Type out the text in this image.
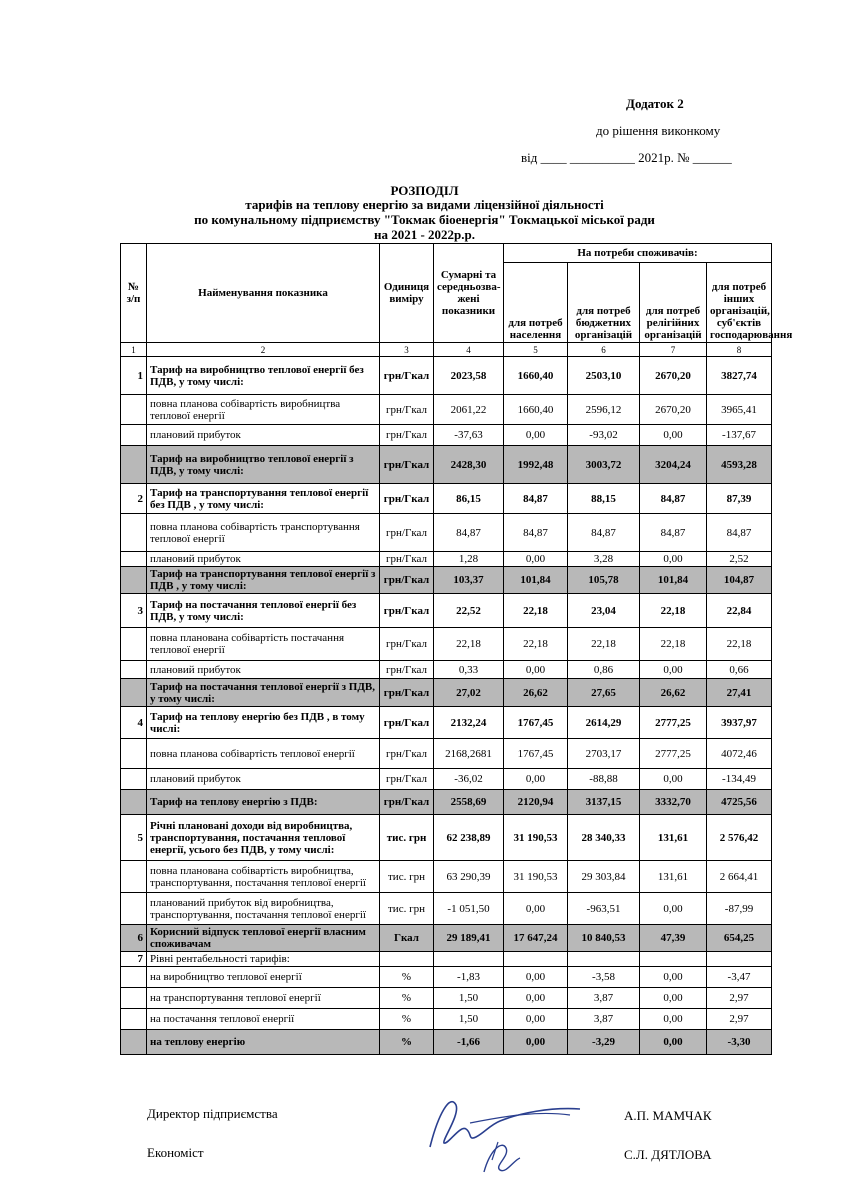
Додаток 2
до рішення виконкому
від ____ __________ 2021р. № ______
РОЗПОДІЛ
тарифів на теплову енергію за видами ліцензійної діяльності
по комунальному підприємству "Токмак біоенергія" Токмацької міської ради
на 2021 - 2022р.р.
№ з/п	Найменування показника	Одиниця виміру	Сумарні та середньозва-жені показники	На потреби споживачів:			
				для потреб населення	для потреб бюджетних організацій	для потреб релігійних організацій	для потреб інших організацій, суб'єктів господарювання
1	2	3	4	5	6	7	8
1	Тариф на виробництво теплової енергії без ПДВ, у тому числі:	грн/Гкал	2023,58	1660,40	2503,10	2670,20	3827,74
	повна планова собівартість виробництва теплової енергії	грн/Гкал	2061,22	1660,40	2596,12	2670,20	3965,41
	плановий прибуток	грн/Гкал	-37,63	0,00	-93,02	0,00	-137,67
	Тариф на виробництво теплової енергії з ПДВ, у тому числі:	грн/Гкал	2428,30	1992,48	3003,72	3204,24	4593,28
2	Тариф на транспортування теплової енергії без ПДВ , у тому числі:	грн/Гкал	86,15	84,87	88,15	84,87	87,39
	повна планова собівартість транспортування теплової енергії	грн/Гкал	84,87	84,87	84,87	84,87	84,87
	плановий прибуток	грн/Гкал	1,28	0,00	3,28	0,00	2,52
	Тариф на транспортування теплової енергії з ПДВ , у тому числі:	грн/Гкал	103,37	101,84	105,78	101,84	104,87
3	Тариф на постачання теплової енергії без ПДВ, у тому числі:	грн/Гкал	22,52	22,18	23,04	22,18	22,84
	повна планована собівартість постачання теплової енергії	грн/Гкал	22,18	22,18	22,18	22,18	22,18
	плановий прибуток	грн/Гкал	0,33	0,00	0,86	0,00	0,66
	Тариф на постачання теплової енергії з ПДВ, у тому числі:	грн/Гкал	27,02	26,62	27,65	26,62	27,41
4	Тариф на теплову енергію без ПДВ , в тому числі:	грн/Гкал	2132,24	1767,45	2614,29	2777,25	3937,97
	повна планова собівартість теплової енергії	грн/Гкал	2168,2681	1767,45	2703,17	2777,25	4072,46
	плановий прибуток	грн/Гкал	-36,02	0,00	-88,88	0,00	-134,49
	Тариф на теплову енергію з ПДВ:	грн/Гкал	2558,69	2120,94	3137,15	3332,70	4725,56
5	Річні плановані доходи від виробництва, транспортування, постачання теплової енергії, усього без ПДВ, у тому числі:	тис. грн	62 238,89	31 190,53	28 340,33	131,61	2 576,42
	повна планована собівартість виробництва, транспортування, постачання теплової енергії	тис. грн	63 290,39	31 190,53	29 303,84	131,61	2 664,41
	планований прибуток від виробництва, транспортування, постачання теплової енергії	тис. грн	-1 051,50	0,00	-963,51	0,00	-87,99
6	Корисний відпуск теплової енергії власним споживачам	Гкал	29 189,41	17 647,24	10 840,53	47,39	654,25
7	Рівні рентабельності тарифів:						
	на виробництво теплової енергії	%	-1,83	0,00	-3,58	0,00	-3,47
	на транспортування теплової енергії	%	1,50	0,00	3,87	0,00	2,97
	на постачання теплової енергії	%	1,50	0,00	3,87	0,00	2,97
	на теплову енергію	%	-1,66	0,00	-3,29	0,00	-3,30
Директор підприємства	А.П. МАМЧАК
Економіст	С.Л. ДЯТЛОВА
